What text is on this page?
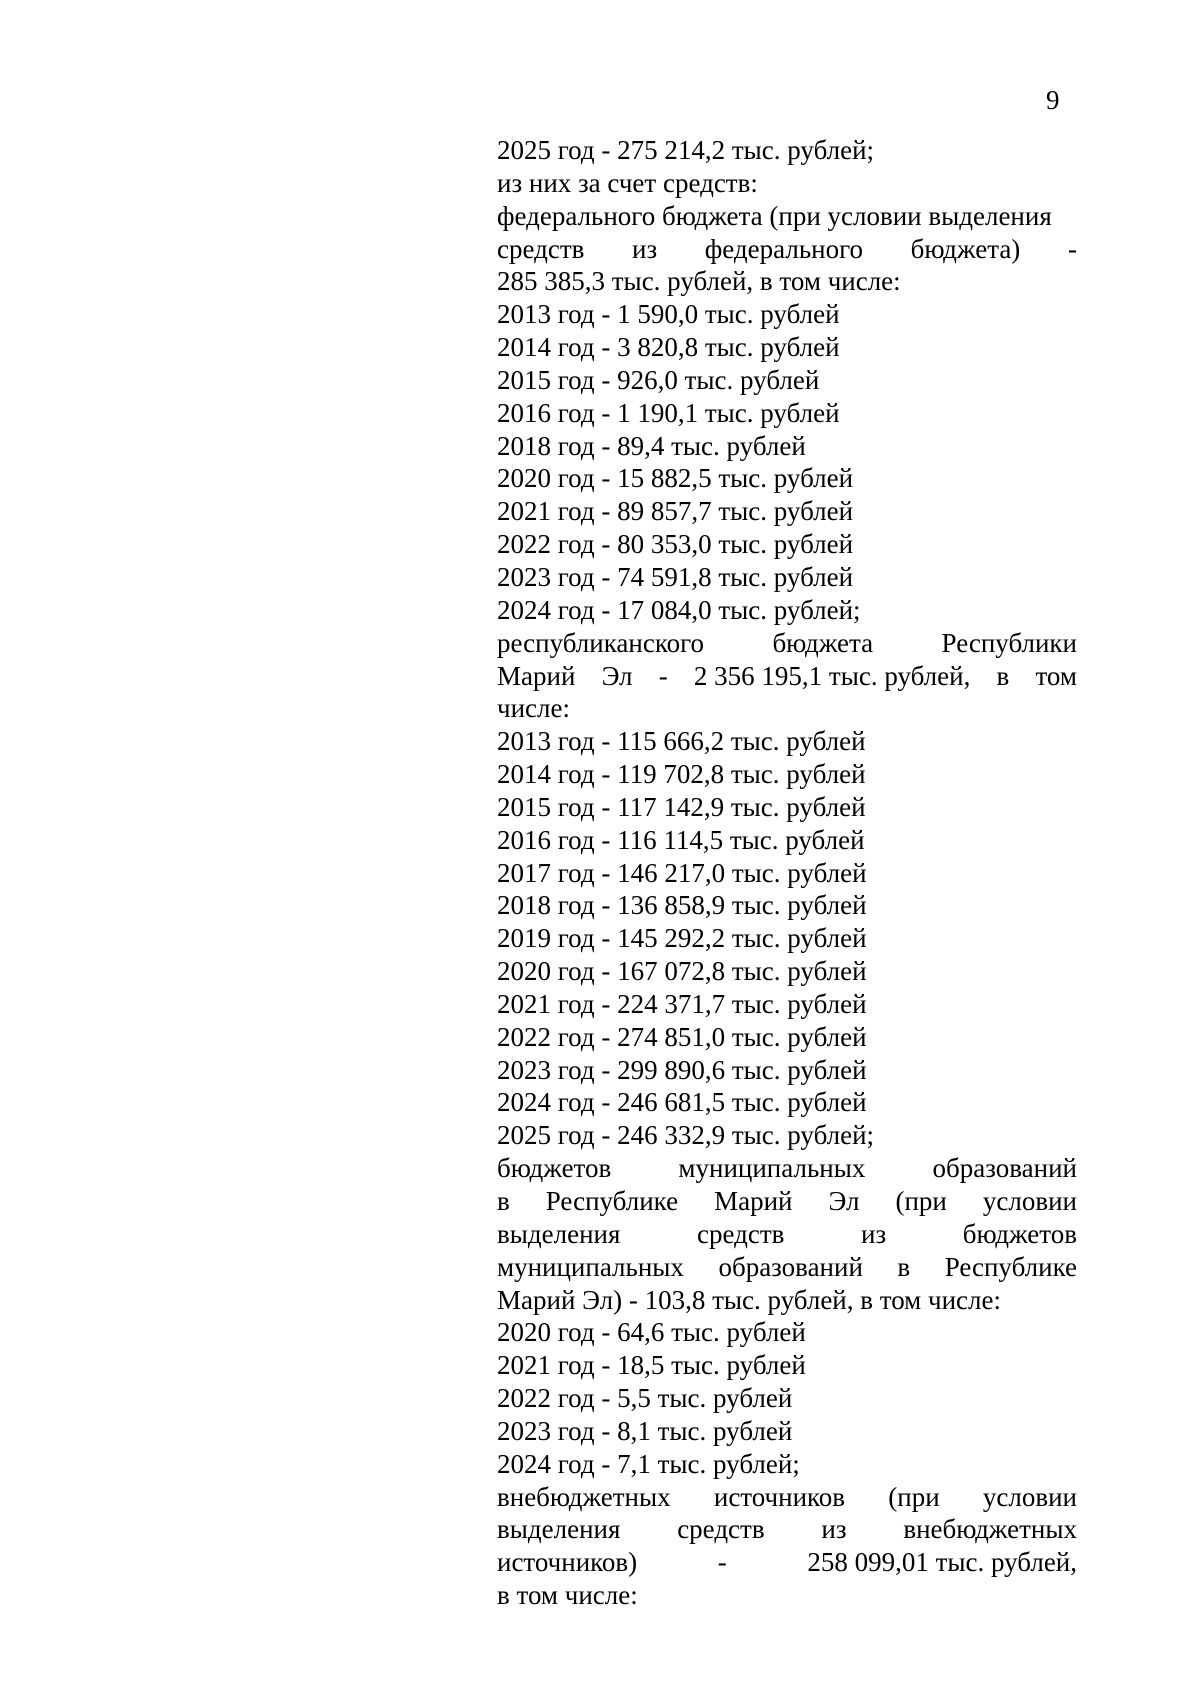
9
2025 год - 275 214,2 тыс. рублей;
из них за счет средств:
федерального бюджета (при условии выделения
средств из федерального бюджета) -
285 385,3 тыс. рублей, в том числе:
2013 год - 1 590,0 тыс. рублей
2014 год - 3 820,8 тыс. рублей
2015 год - 926,0 тыс. рублей
2016 год - 1 190,1 тыс. рублей
2018 год - 89,4 тыс. рублей
2020 год - 15 882,5 тыс. рублей
2021 год - 89 857,7 тыс. рублей
2022 год - 80 353,0 тыс. рублей
2023 год - 74 591,8 тыс. рублей
2024 год - 17 084,0 тыс. рублей;
республиканского	бюджета	Республики
Марий Эл - 2 356 195,1 тыс. рублей, в том
числе:
2013 год - 115 666,2 тыс. рублей
2014 год - 119 702,8 тыс. рублей
2015 год - 117 142,9 тыс. рублей
2016 год - 116 114,5 тыс. рублей
2017 год - 146 217,0 тыс. рублей
2018 год - 136 858,9 тыс. рублей
2019 год - 145 292,2 тыс. рублей
2020 год - 167 072,8 тыс. рублей
2021 год - 224 371,7 тыс. рублей
2022 год - 274 851,0 тыс. рублей
2023 год - 299 890,6 тыс. рублей
2024 год - 246 681,5 тыс. рублей
2025 год - 246 332,9 тыс. рублей;
бюджетов муниципальных образований
в Республике Марий Эл (при условии
выделения	средств	из	бюджетов
муниципальных образований в Республике
Марий Эл) - 103,8 тыс. рублей, в том числе:
2020 год - 64,6 тыс. рублей
2021 год - 18,5 тыс. рублей
2022 год - 5,5 тыс. рублей
2023 год - 8,1 тыс. рублей
2024 год - 7,1 тыс. рублей;
внебюджетных источников (при условии
выделения средств из внебюджетных
источников)	-	258 099,01 тыс. рублей,
в том числе:
